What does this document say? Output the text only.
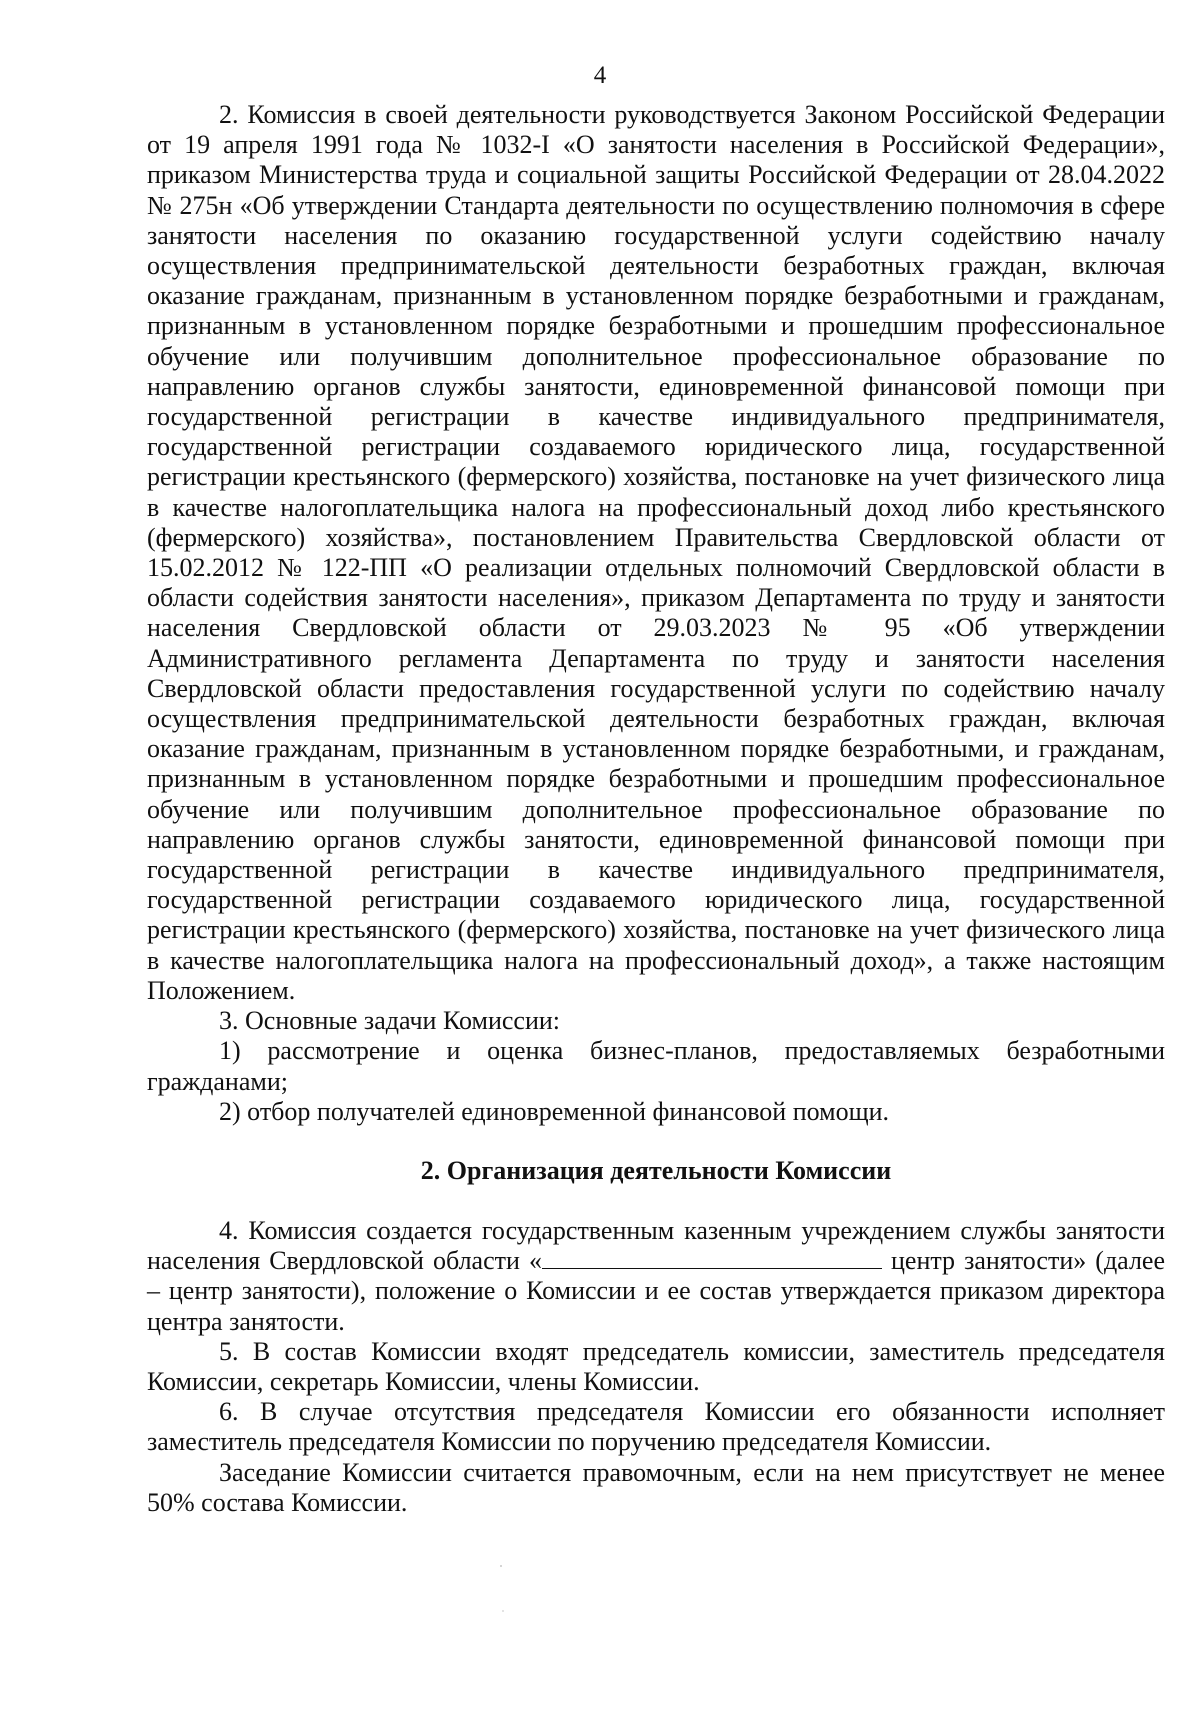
4

2. Комиссия в своей деятельности руководствуется Законом Российской Федерации от 19 апреля 1991 года № 1032-I «О занятости населения в Российской Федерации», приказом Министерства труда и социальной защиты Российской Федерации от 28.04.2022 № 275н «Об утверждении Стандарта деятельности по осуществлению полномочия в сфере занятости населения по оказанию государственной услуги содействию началу осуществления предпринимательской деятельности безработных граждан, включая оказание гражданам, признанным в установленном порядке безработными и гражданам, признанным в установленном порядке безработными и прошедшим профессиональное обучение или получившим дополнительное профессиональное образование по направлению органов службы занятости, единовременной финансовой помощи при государственной регистрации в качестве индивидуального предпринимателя, государственной регистрации создаваемого юридического лица, государственной регистрации крестьянского (фермерского) хозяйства, постановке на учет физического лица в качестве налогоплательщика налога на профессиональный доход либо крестьянского (фермерского) хозяйства», постановлением Правительства Свердловской области от 15.02.2012 № 122-ПП «О реализации отдельных полномочий Свердловской области в области содействия занятости населения», приказом Департамента по труду и занятости населения Свердловской области от 29.03.2023 № 95 «Об утверждении Административного регламента Департамента по труду и занятости населения Свердловской области предоставления государственной услуги по содействию началу осуществления предпринимательской деятельности безработных граждан, включая оказание гражданам, признанным в установленном порядке безработными, и гражданам, признанным в установленном порядке безработными и прошедшим профессиональное обучение или получившим дополнительное профессиональное образование по направлению органов службы занятости, единовременной финансовой помощи при государственной регистрации в качестве индивидуального предпринимателя, государственной регистрации создаваемого юридического лица, государственной регистрации крестьянского (фермерского) хозяйства, постановке на учет физического лица в качестве налогоплательщика налога на профессиональный доход», а также настоящим Положением.

3. Основные задачи Комиссии:

1) рассмотрение и оценка бизнес-планов, предоставляемых безработными гражданами;

2) отбор получателей единовременной финансовой помощи.

2. Организация деятельности Комиссии

4. Комиссия создается государственным казенным учреждением службы занятости населения Свердловской области «	центр занятости» (далее – центр занятости), положение о Комиссии и ее состав утверждается приказом директора центра занятости.

5. В состав Комиссии входят председатель комиссии, заместитель председателя Комиссии, секретарь Комиссии, члены Комиссии.

6. В случае отсутствия председателя Комиссии его обязанности исполняет заместитель председателя Комиссии по поручению председателя Комиссии.

Заседание Комиссии считается правомочным, если на нем присутствует не менее 50% состава Комиссии.
